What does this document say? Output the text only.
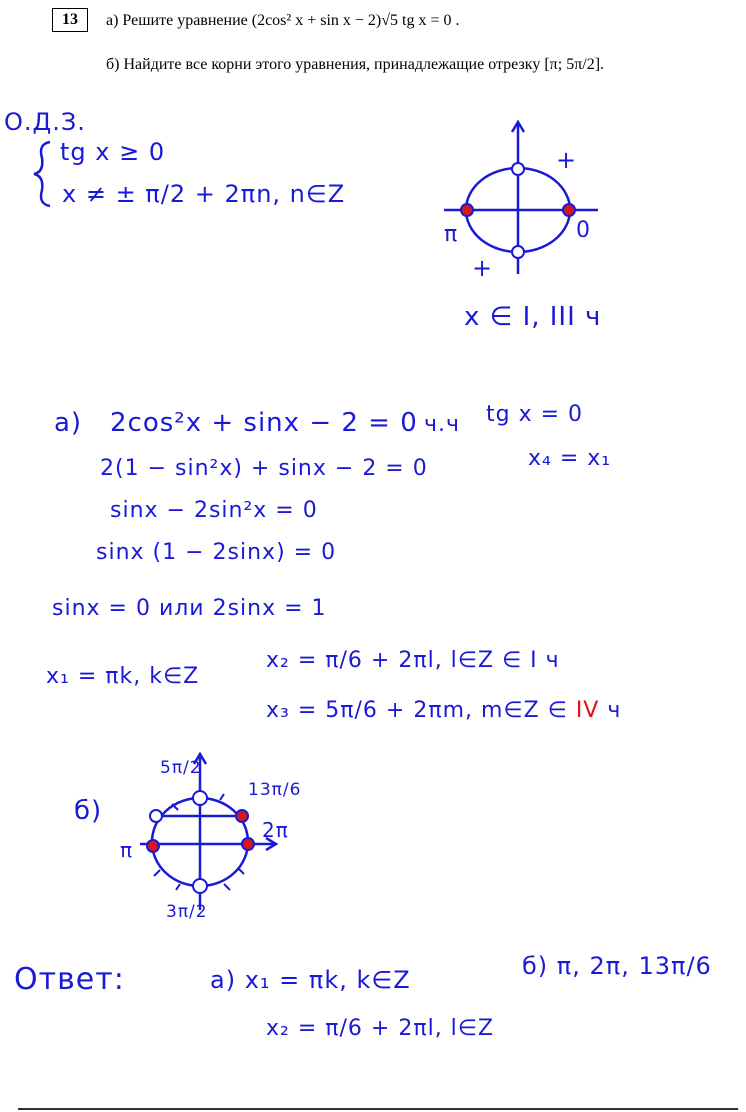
13	а) Решите уравнение (2cos² x + sin x − 2)√5 tg x = 0 .
б) Найдите все корни этого уравнения, принадлежащие отрезку [π; 5π/2].
О.Д.З.
tg x ≥ 0
x ≠ ± π/2 + 2πn, n∈Z
+
+
π	0
x ∈ I, III ч
а) 2cos²x + sinx − 2 = 0
2(1 − sin²x) + sinx − 2 = 0
sinx − 2sin²x = 0
sinx (1 − 2sinx) = 0
sinx = 0 или 2sinx = 1
x₁ = πk, k∈Z
x₂ = π/6 + 2πl, l∈Z ∈ I ч
x₃ = 5π/6 + 2πm, m∈Z ∈ IV ч
ч.ч tg x = 0
x₄ = x₁
б)
5π/2
13π/6
2π
π
3π/2
Ответ:	а) x₁ = πk, k∈Z
x₂ = π/6 + 2πl, l∈Z
б) π, 2π, 13π/6
